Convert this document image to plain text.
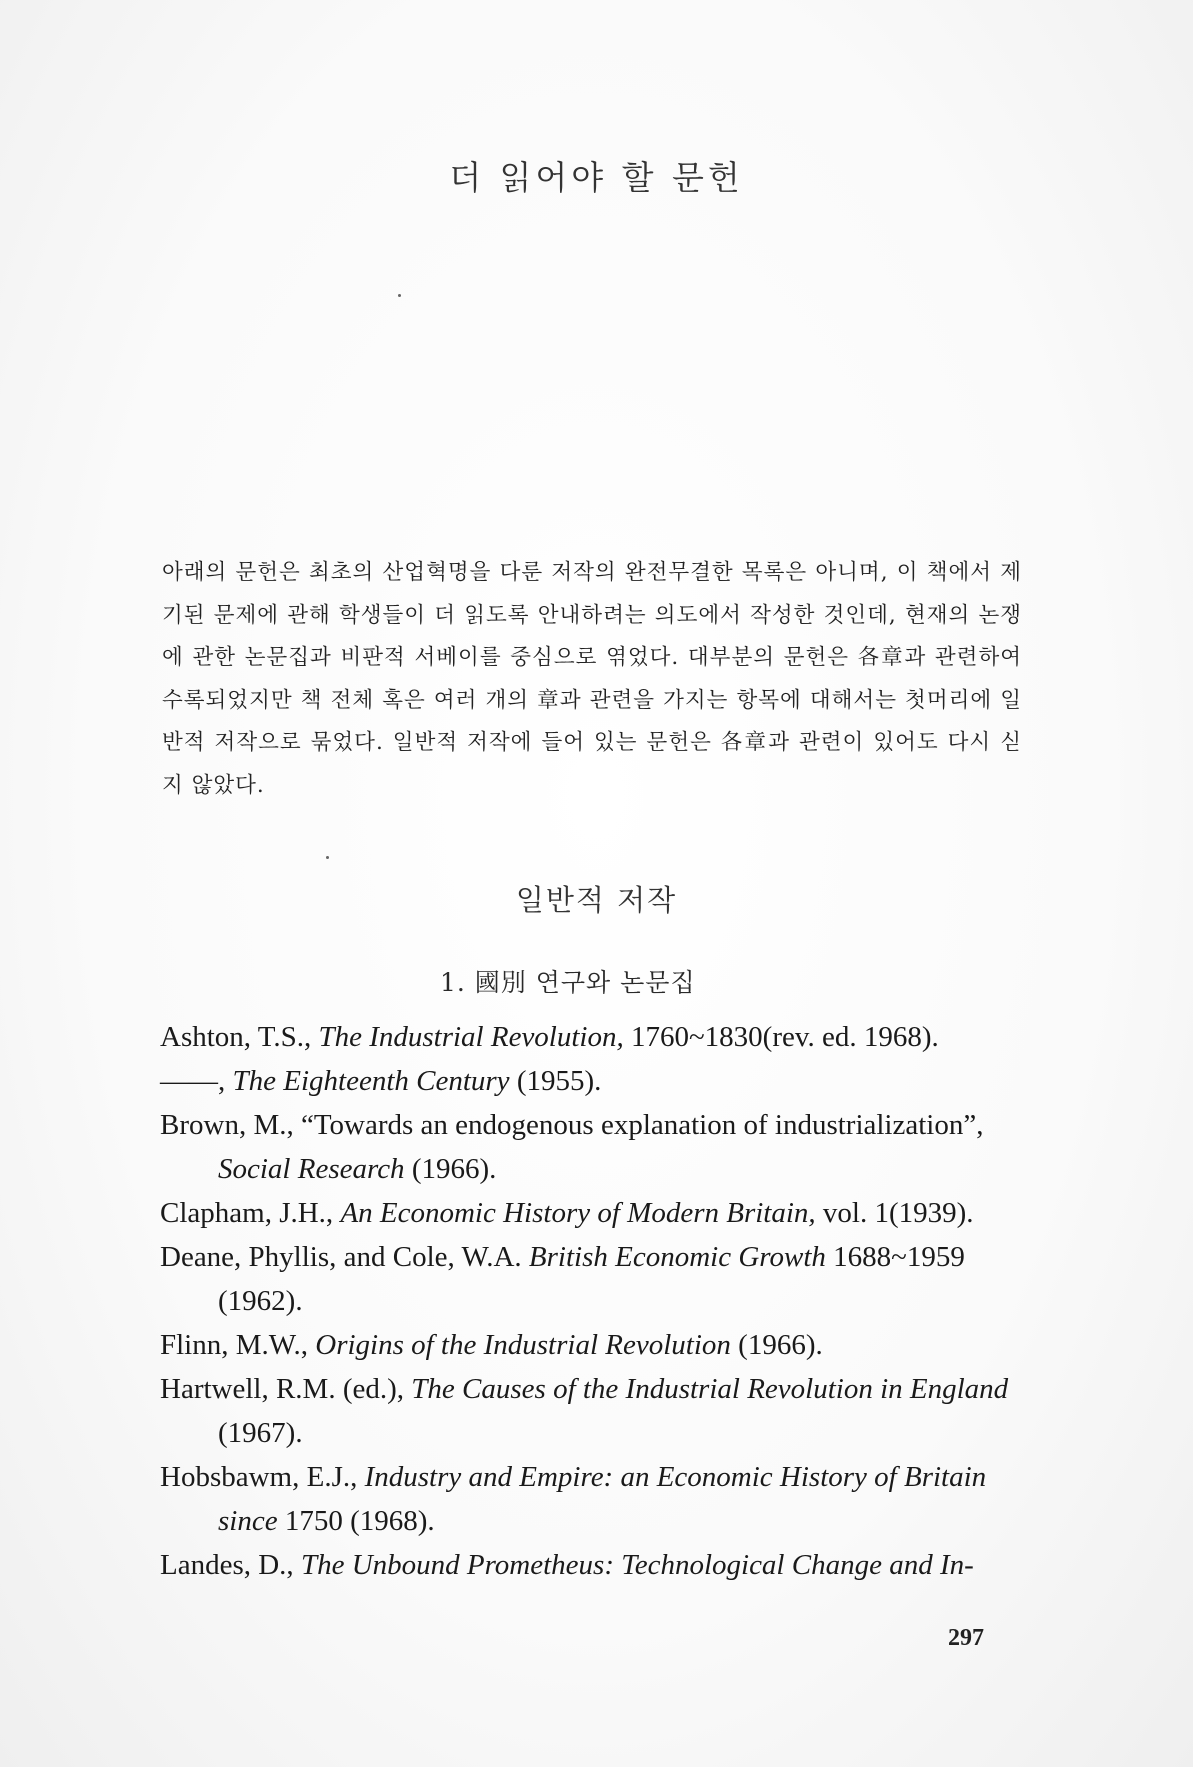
더 읽어야 할 문헌
아래의 문헌은 최초의 산업혁명을 다룬 저작의 완전무결한 목록은 아니며, 이 책에서 제기된 문제에 관해 학생들이 더 읽도록 안내하려는 의도에서 작성한 것인데, 현재의 논쟁에 관한 논문집과 비판적 서베이를 중심으로 엮었다. 대부분의 문헌은 各章과 관련하여 수록되었지만 책 전체 혹은 여러 개의 章과 관련을 가지는 항목에 대해서는 첫머리에 일반적 저작으로 묶었다. 일반적 저작에 들어 있는 문헌은 各章과 관련이 있어도 다시 싣지 않았다.
일반적 저작
1. 國別 연구와 논문집

Ashton, T.S., The Industrial Revolution, 1760~1830(rev. ed. 1968).

——, The Eighteenth Century (1955).

Brown, M., “Towards an endogenous explanation of industrialization”, Social Research (1966).

Clapham, J.H., An Economic History of Modern Britain, vol. 1(1939).

Deane, Phyllis, and Cole, W.A. British Economic Growth 1688~1959 (1962).

Flinn, M.W., Origins of the Industrial Revolution (1966).

Hartwell, R.M. (ed.), The Causes of the Industrial Revolution in England (1967).

Hobsbawm, E.J., Industry and Empire: an Economic History of Britain since 1750 (1968).

Landes, D., The Unbound Prometheus: Technological Change and In-

297
